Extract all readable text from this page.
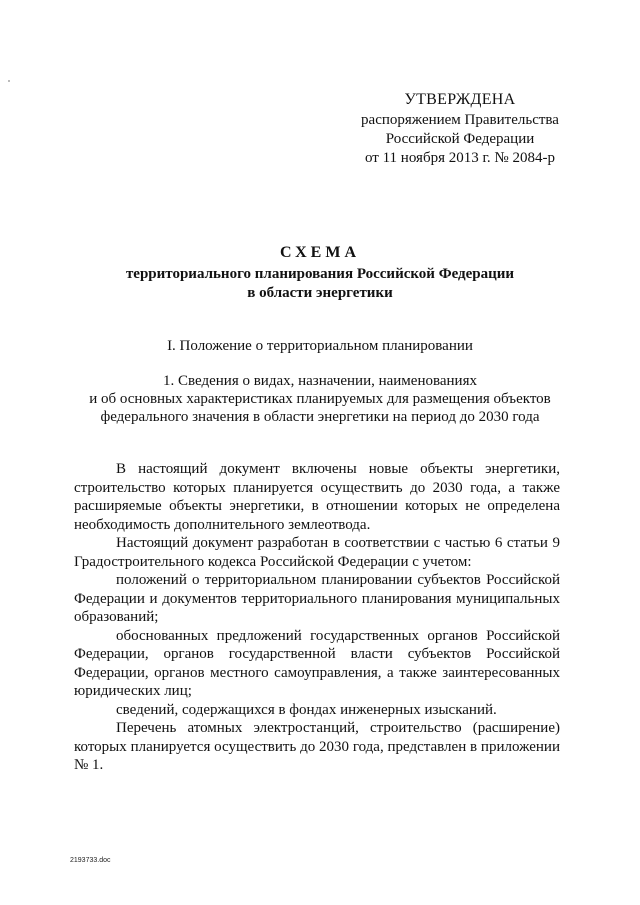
УТВЕРЖДЕНА
распоряжением Правительства
Российской Федерации
от 11 ноября 2013 г. № 2084-р
СХЕМА
территориального планирования Российской Федерации
в области энергетики
I. Положение о территориальном планировании
1. Сведения о видах, назначении, наименованиях
и об основных характеристиках планируемых для размещения объектов
федерального значения в области энергетики на период до 2030 года

В настоящий документ включены новые объекты энергетики, строительство которых планируется осуществить до 2030 года, а также расширяемые объекты энергетики, в отношении которых не определена необходимость дополнительного землеотвода.

Настоящий документ разработан в соответствии с частью 6 статьи 9 Градостроительного кодекса Российской Федерации с учетом:

положений о территориальном планировании субъектов Российской Федерации и документов территориального планирования муниципальных образований;

обоснованных предложений государственных органов Российской Федерации, органов государственной власти субъектов Российской Федерации, органов местного самоуправления, а также заинтересованных юридических лиц;

сведений, содержащихся в фондах инженерных изысканий.

Перечень атомных электростанций, строительство (расширение) которых планируется осуществить до 2030 года, представлен в приложении № 1.

2193733.doc
